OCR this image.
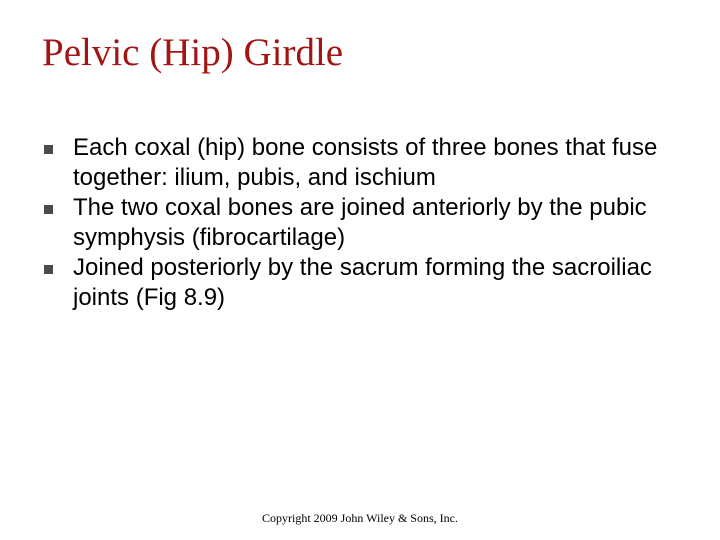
Pelvic (Hip) Girdle
Each coxal (hip) bone consists of three bones that fuse together: ilium, pubis, and ischium
The two coxal bones are joined anteriorly by the pubic symphysis (fibrocartilage)
Joined posteriorly by the sacrum forming the sacroiliac joints (Fig 8.9)
Copyright 2009 John Wiley & Sons, Inc.
